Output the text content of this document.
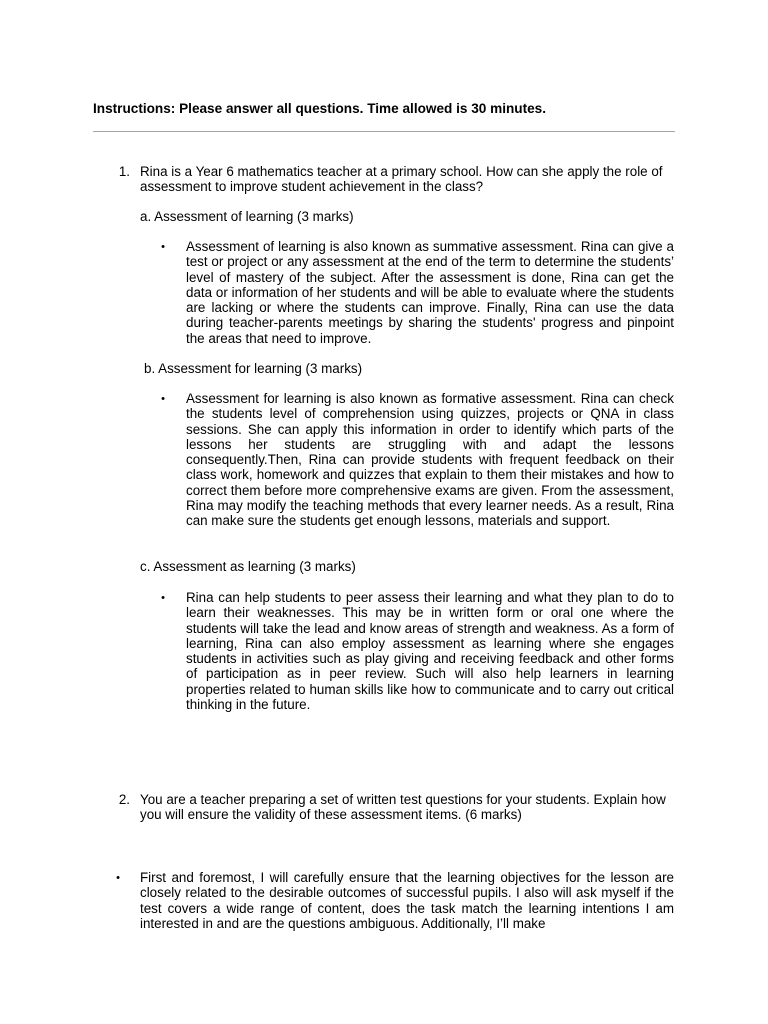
Instructions: Please answer all questions. Time allowed is 30 minutes.
1. Rina is a Year 6 mathematics teacher at a primary school. How can she apply the role of assessment to improve student achievement in the class?
a. Assessment of learning (3 marks)
• Assessment of learning is also known as summative assessment. Rina can give a test or project or any assessment at the end of the term to determine the students’ level of mastery of the subject. After the assessment is done, Rina can get the data or information of her students and will be able to evaluate where the students are lacking or where the students can improve. Finally, Rina can use the data during teacher-parents meetings by sharing the students' progress and pinpoint the areas that need to improve.
b. Assessment for learning (3 marks)
• Assessment for learning is also known as formative assessment. Rina can check the students level of comprehension using quizzes, projects or QNA in class sessions. She can apply this information in order to identify which parts of the lessons her students are struggling with and adapt the lessons consequently.Then, Rina can provide students with frequent feedback on their class work, homework and quizzes that explain to them their mistakes and how to correct them before more comprehensive exams are given. From the assessment, Rina may modify the teaching methods that every learner needs. As a result, Rina can make sure the students get enough lessons, materials and support.
c. Assessment as learning (3 marks)
• Rina can help students to peer assess their learning and what they plan to do to learn their weaknesses. This may be in written form or oral one where the students will take the lead and know areas of strength and weakness. As a form of learning, Rina can also employ assessment as learning where she engages students in activities such as play giving and receiving feedback and other forms of participation as in peer review. Such will also help learners in learning properties related to human skills like how to communicate and to carry out critical thinking in the future.
2. You are a teacher preparing a set of written test questions for your students. Explain how you will ensure the validity of these assessment items. (6 marks)
• First and foremost, I will carefully ensure that the learning objectives for the lesson are closely related to the desirable outcomes of successful pupils. I also will ask myself if the test covers a wide range of content, does the task match the learning intentions I am interested in and are the questions ambiguous. Additionally, I’ll make
